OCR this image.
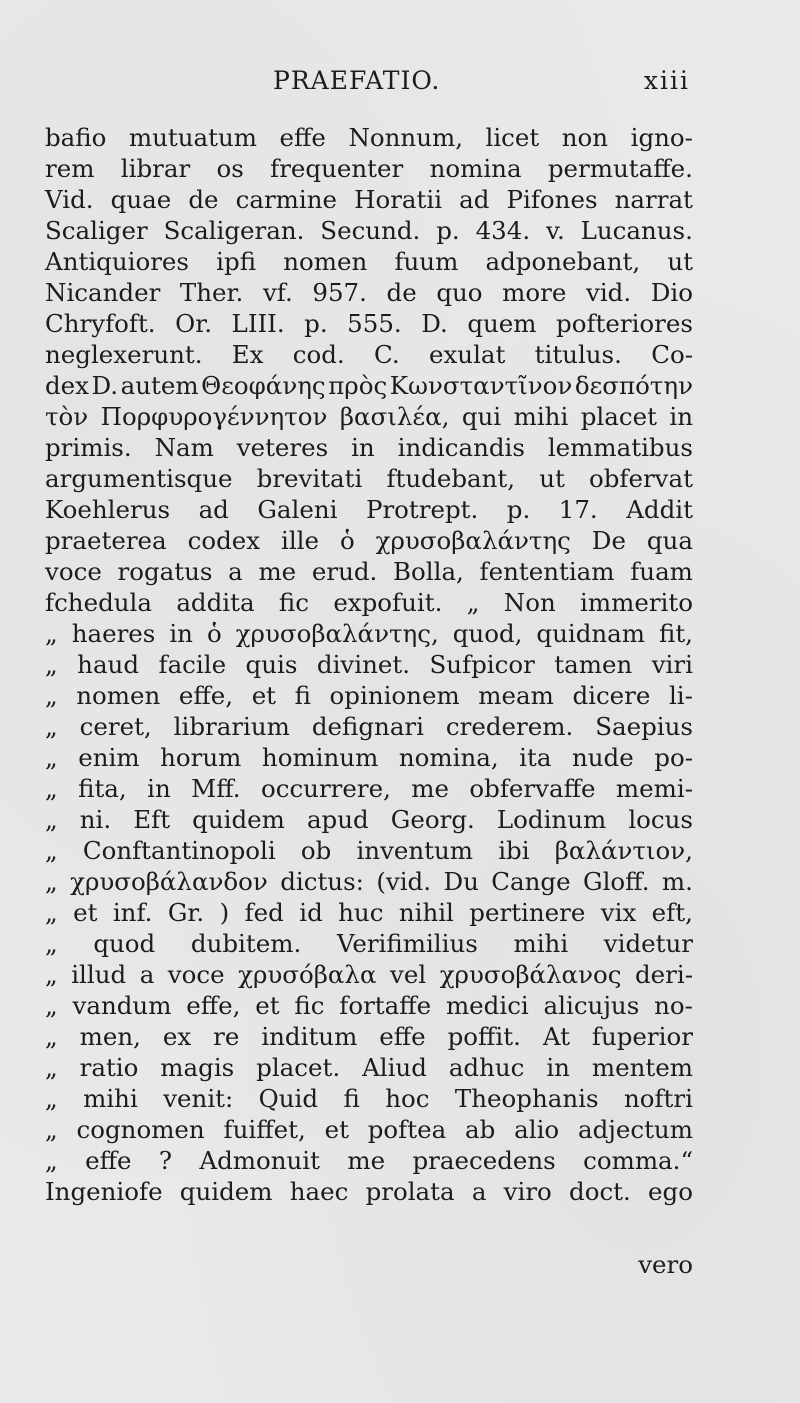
PRAEFATIO.	xiii
bafio mutuatum effe Nonnum, licet non igno-
rem librar os frequenter nomina permutaffe.
Vid. quae de carmine Horatii ad Pifones narrat
Scaliger Scaligeran. Secund. p. 434. v. Lucanus.
Antiquiores ipfi nomen fuum adponebant, ut
Nicander Ther. vf. 957. de quo more vid. Dio
Chryfoft. Or. LIII. p. 555. D. quem pofteriores
neglexerunt. Ex cod. C. exulat titulus. Co-
dex D. autem Θεοφάνης πρὸς Κωνσταντῖνον δεσπότην
τὸν Πορφυρογέννητον βασιλέα, qui mihi placet in
primis. Nam veteres in indicandis lemmatibus
argumentisque brevitati ftudebant, ut obfervat
Koehlerus ad Galeni Protrept. p. 17. Addit
praeterea codex ille ὁ χρυσοβαλάντης De qua
voce rogatus a me erud. Bolla, fententiam fuam
fchedula addita fic expofuit. „ Non immerito
„ haeres in ὁ χρυσοβαλάντης, quod, quidnam fit,
„ haud facile quis divinet. Sufpicor tamen viri
„ nomen effe, et fi opinionem meam dicere li-
„ ceret, librarium defignari crederem. Saepius
„ enim horum hominum nomina, ita nude po-
„ fita, in Mff. occurrere, me obfervaffe memi-
„ ni. Eft quidem apud Georg. Lodinum locus
„ Conftantinopoli ob inventum ibi βαλάντιον,
„ χρυσοβάλανδον dictus: (vid. Du Cange Gloff. m.
„ et inf. Gr. ) fed id huc nihil pertinere vix eft,
„ quod dubitem. Verifimilius mihi videtur
„ illud a voce χρυσόβαλα vel χρυσοβάλανος deri-
„ vandum effe, et fic fortaffe medici alicujus no-
„ men, ex re inditum effe poffit. At fuperior
„ ratio magis placet. Aliud adhuc in mentem
„ mihi venit: Quid fi hoc Theophanis noftri
„ cognomen fuiffet, et poftea ab alio adjectum
„ effe ? Admonuit me praecedens comma.“
Ingeniofe quidem haec prolata a viro doct. ego
vero
